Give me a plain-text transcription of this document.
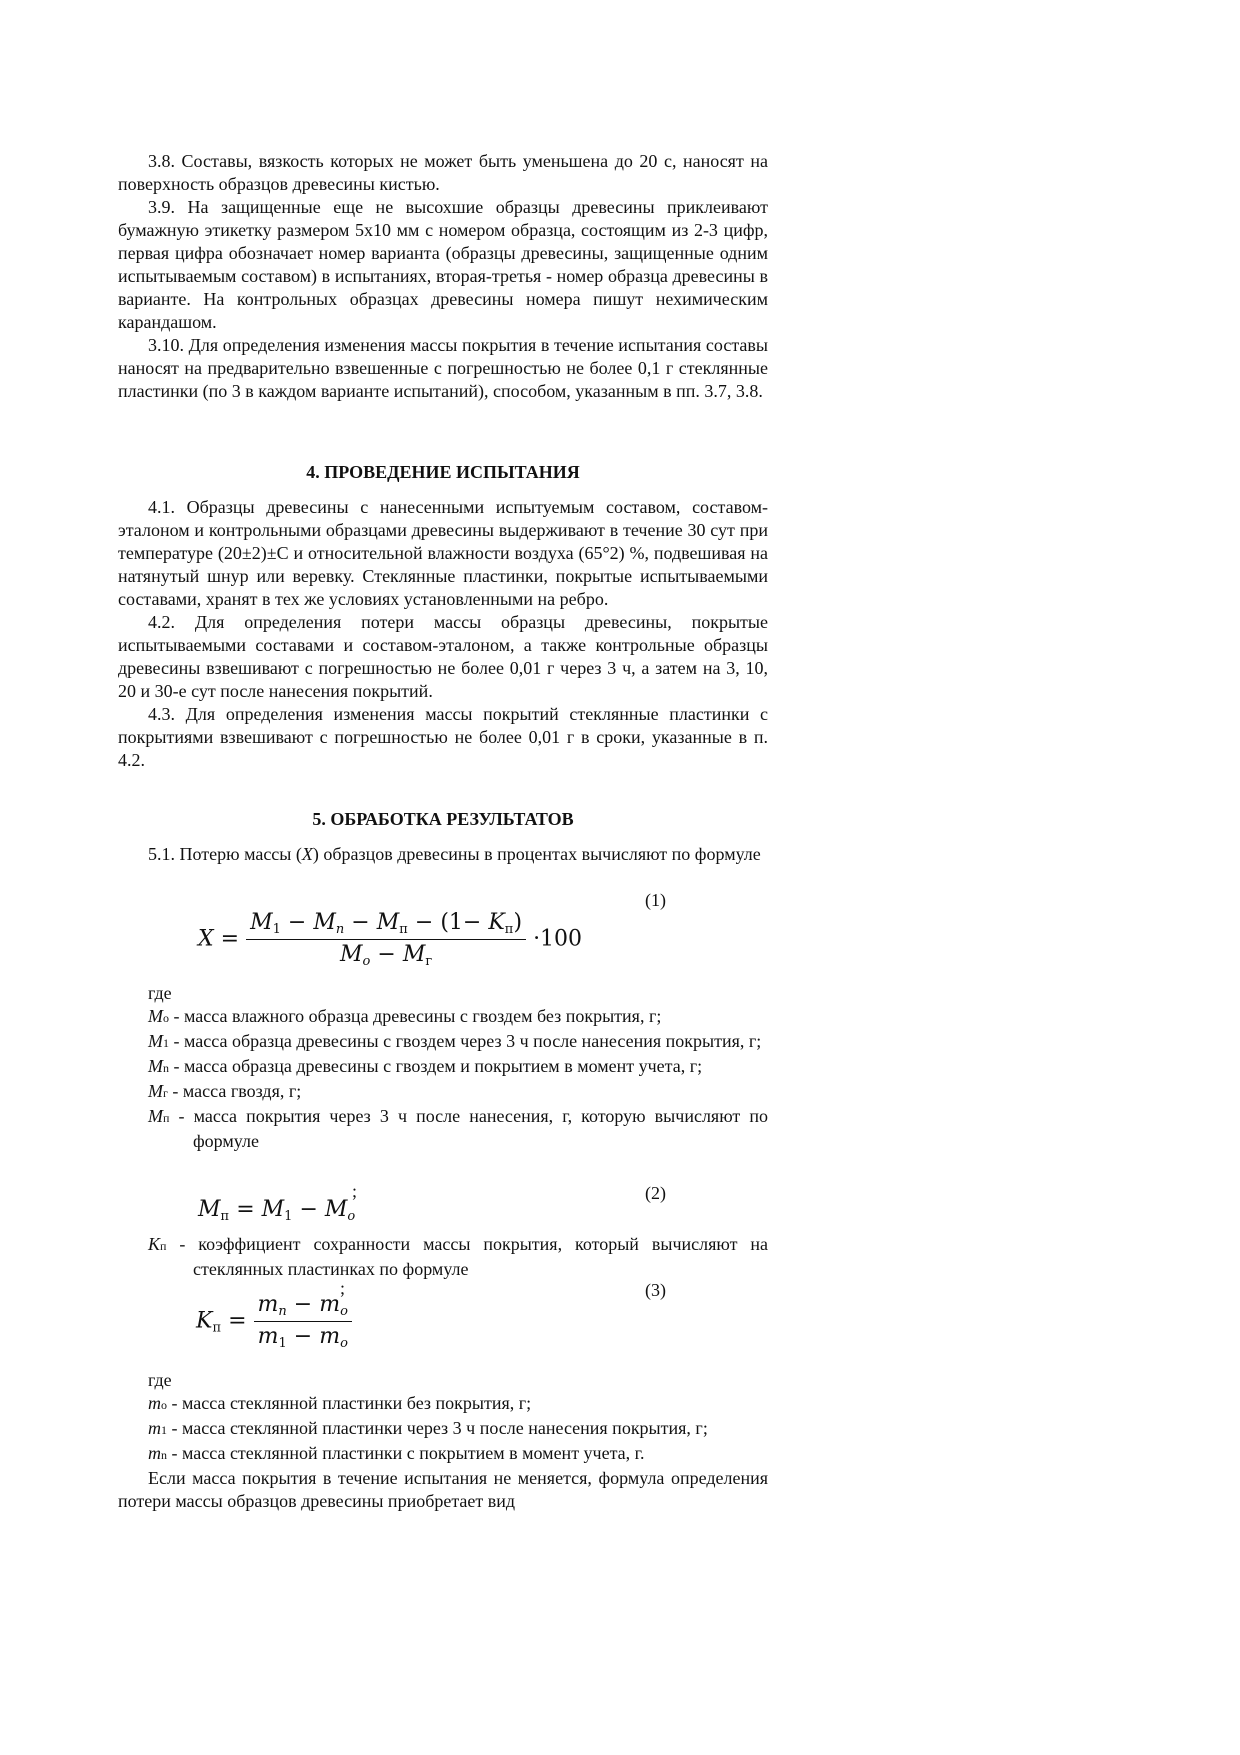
3.8. Составы, вязкость которых не может быть уменьшена до 20 с, наносят на поверхность образцов древесины кистью.

3.9. На защищенные еще не высохшие образцы древесины приклеивают бумажную этикетку размером 5х10 мм с номером образца, состоящим из 2-3 цифр, первая цифра обозначает номер варианта (образцы древесины, защищенные одним испытываемым составом) в испытаниях, вторая-третья - номер образца древесины в варианте. На контрольных образцах древесины номера пишут нехимическим карандашом.

3.10. Для определения изменения массы покрытия в течение испытания составы наносят на предварительно взвешенные с погрешностью не более 0,1 г стеклянные пластинки (по 3 в каждом варианте испытаний), способом, указанным в пп. 3.7, 3.8.

4. ПРОВЕДЕНИЕ ИСПЫТАНИЯ

4.1. Образцы древесины с нанесенными испытуемым составом, составом-эталоном и контрольными образцами древесины выдерживают в течение 30 сут при температуре (20±2)±С и относительной влажности воздуха (65°2) %, подвешивая на натянутый шнур или веревку. Стеклянные пластинки, покрытые испытываемыми составами, хранят в тех же условиях установленными на ребро.

4.2. Для определения потери массы образцы древесины, покрытые испытываемыми составами и составом-эталоном, а также контрольные образцы древесины взвешивают с погрешностью не более 0,01 г через 3 ч, а затем на 3, 10, 20 и 30-е сут после нанесения покрытий.

4.3. Для определения изменения массы покрытий стеклянные пластинки с покрытиями взвешивают с погрешностью не более 0,01 г в сроки, указанные в п. 4.2.

5. ОБРАБОТКА РЕЗУЛЬТАТОВ

5.1. Потерю массы (X) образцов древесины в процентах вычисляют по формуле

(1)
X =
M1 − Mn − Mп − (1− Kп)
Mo − Mг
·100

где

Mo - масса влажного образца древесины с гвоздем без покрытия, г;

M1 - масса образца древесины с гвоздем через 3 ч после нанесения покрытия, г;

Mn - масса образца древесины с гвоздем и покрытием в момент учета, г;

Mг - масса гвоздя, г;

Mп - масса покрытия через 3 ч после нанесения, г, которую вычисляют по формуле

;	(2)
Mп = M1 − Mo

Kп - коэффициент сохранности массы покрытия, который вычисляют на стеклянных пластинках по формуле

;	(3)
Kп = $\frac{mn - mo}{m1 - mo}$

где

mo - масса стеклянной пластинки без покрытия, г;

m1 - масса стеклянной пластинки через 3 ч после нанесения покрытия, г;

mn - масса стеклянной пластинки с покрытием в момент учета, г.

Если масса покрытия в течение испытания не меняется, формула определения потери массы образцов древесины приобретает вид
